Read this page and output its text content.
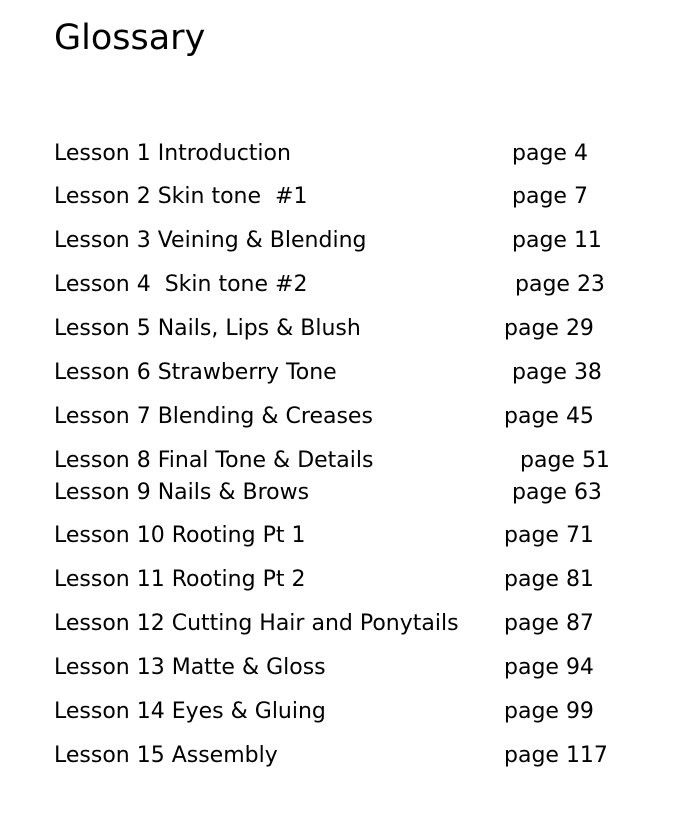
Glossary
Lesson 1 Introduction	page 4
Lesson 2 Skin tone  #1	page 7
Lesson 3 Veining & Blending	page 11
Lesson 4  Skin tone #2	page 23
Lesson 5 Nails, Lips & Blush	page 29
Lesson 6 Strawberry Tone	page 38
Lesson 7 Blending & Creases	page 45
Lesson 8 Final Tone & Details	page 51
Lesson 9 Nails & Brows	page 63
Lesson 10 Rooting Pt 1	page 71
Lesson 11 Rooting Pt 2	page 81
Lesson 12 Cutting Hair and Ponytails page 87
Lesson 13 Matte & Gloss	page 94
Lesson 14 Eyes & Gluing	page 99
Lesson 15 Assembly	page 117
